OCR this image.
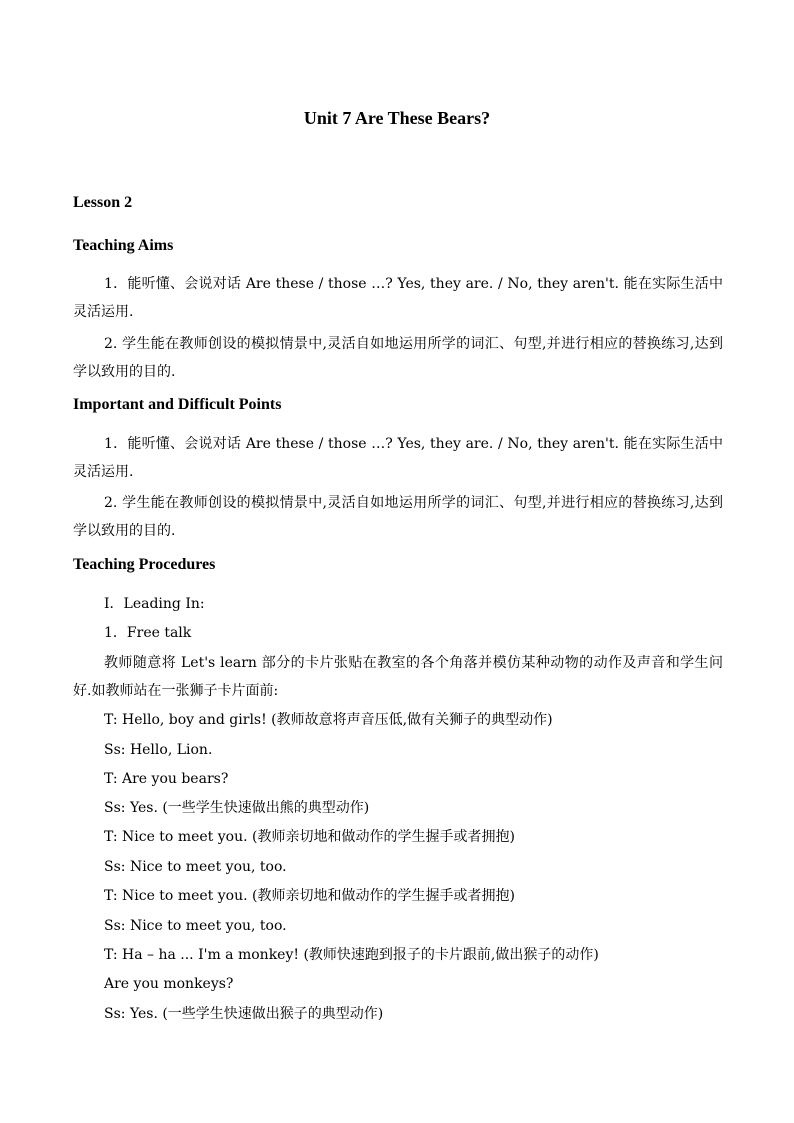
Unit 7 Are These Bears?
Lesson 2
Teaching Aims
1．能听懂、会说对话 Are these / those …? Yes, they are. / No, they aren't. 能在实际生活中灵活运用.
2. 学生能在教师创设的模拟情景中,灵活自如地运用所学的词汇、句型,并进行相应的替换练习,达到学以致用的目的.
Important and Difficult Points
1．能听懂、会说对话 Are these / those …? Yes, they are. / No, they aren't. 能在实际生活中灵活运用.
2. 学生能在教师创设的模拟情景中,灵活自如地运用所学的词汇、句型,并进行相应的替换练习,达到学以致用的目的.
Teaching Procedures
Ⅰ．Leading In:
1．Free talk
教师随意将 Let's learn 部分的卡片张贴在教室的各个角落并模仿某种动物的动作及声音和学生问好.如教师站在一张狮子卡片面前:
T: Hello, boy and girls! (教师故意将声音压低,做有关狮子的典型动作)
Ss: Hello, Lion.
T: Are you bears?
Ss: Yes. (一些学生快速做出熊的典型动作)
T: Nice to meet you. (教师亲切地和做动作的学生握手或者拥抱)
Ss: Nice to meet you, too.
T: Nice to meet you. (教师亲切地和做动作的学生握手或者拥抱)
Ss: Nice to meet you, too.
T: Ha – ha ... I'm a monkey! (教师快速跑到报子的卡片跟前,做出猴子的动作)
Are you monkeys?
Ss: Yes. (一些学生快速做出猴子的典型动作)
